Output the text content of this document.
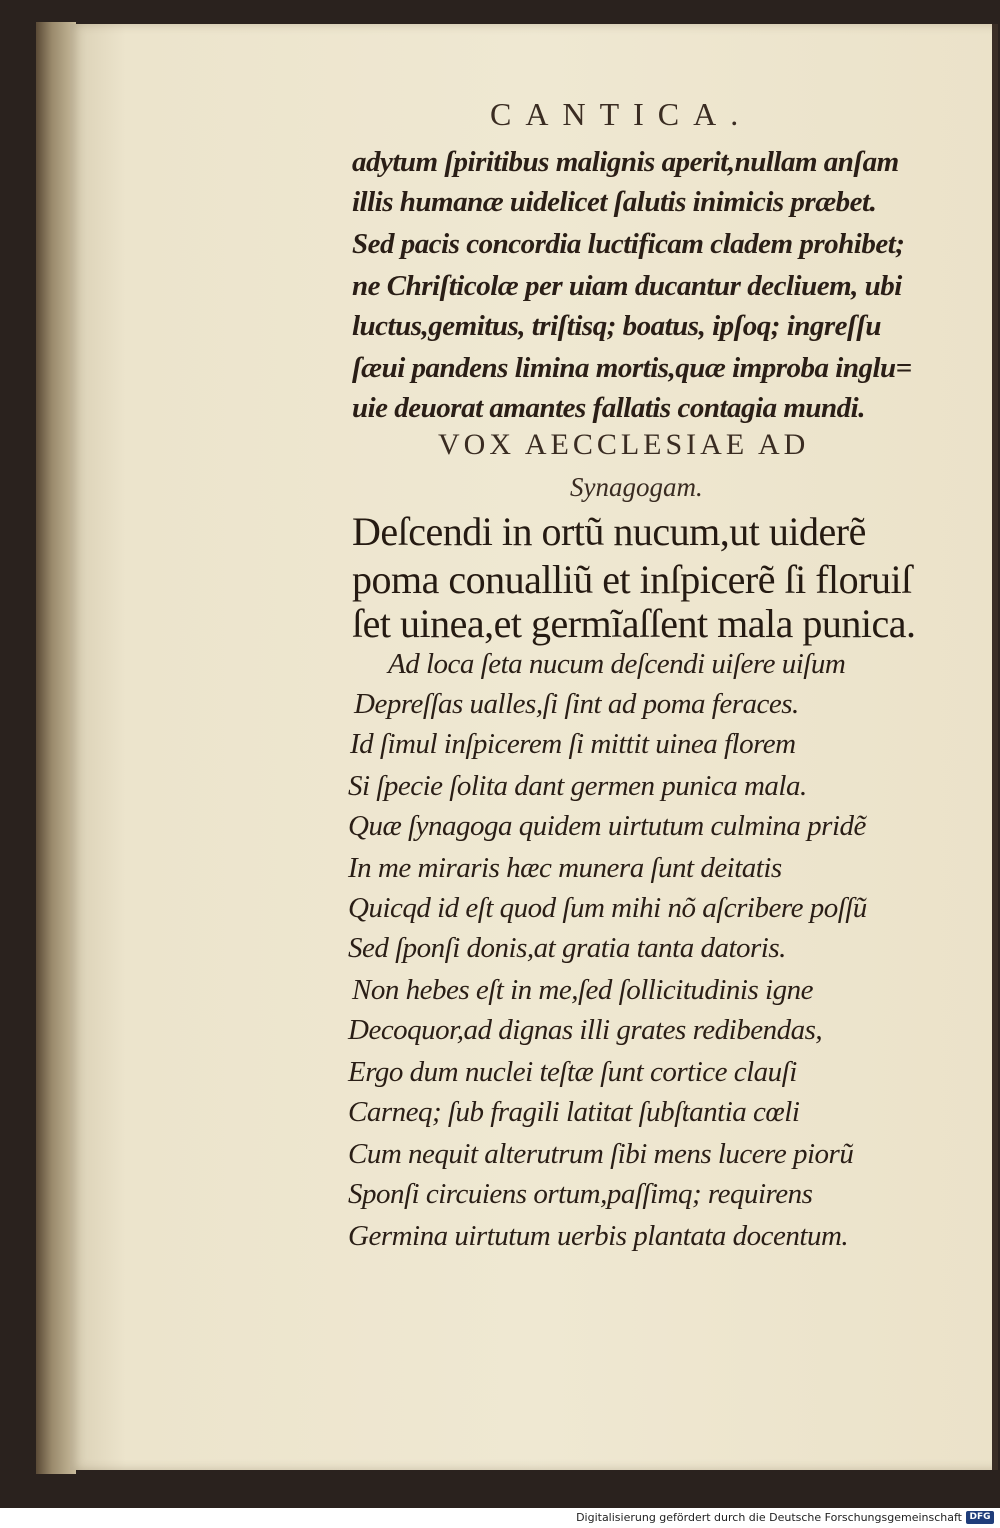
CANTICA.
adytum ſpiritibus malignis aperit,nullam anſam
illis humanæ uidelicet ſalutis inimicis præbet.
Sed pacis concordia luctificam cladem prohibet;
ne Chriſticolæ per uiam ducantur decliuem, ubi
luctus,gemitus, triſtisq; boatus, ipſoq; ingreſſu
ſæui pandens limina mortis,quæ improba inglu=
uie deuorat amantes fallatis contagia mundi.
VOX AECCLESIAE AD
Synagogam.
Deſcendi in ortũ nucum,ut uiderẽ
poma conualliũ et inſpicerẽ ſi floruiſ
ſet uinea,et germĩaſſent mala punica.
Ad loca ſeta nucum deſcendi uiſere uiſum
Depreſſas ualles,ſi ſint ad poma feraces.
Id ſimul inſpicerem ſi mittit uinea florem
Si ſpecie ſolita dant germen punica mala.
Quæ ſynagoga quidem uirtutum culmina pridẽ
In me miraris hæc munera ſunt deitatis
Quicqd id eſt quod ſum mihi nõ aſcribere poſſũ
Sed ſponſi donis,at gratia tanta datoris.
Non hebes eſt in me,ſed ſollicitudinis igne
Decoquor,ad dignas illi grates redibendas,
Ergo dum nuclei teſtæ ſunt cortice clauſi
Carneq; ſub fragili latitat ſubſtantia cœli
Cum nequit alterutrum ſibi mens lucere piorũ
Sponſi circuiens ortum,paſſimq; requirens
Germina uirtutum uerbis plantata docentum.
Digitalisierung gefördert durch die Deutsche Forschungsgemeinschaft DFG
